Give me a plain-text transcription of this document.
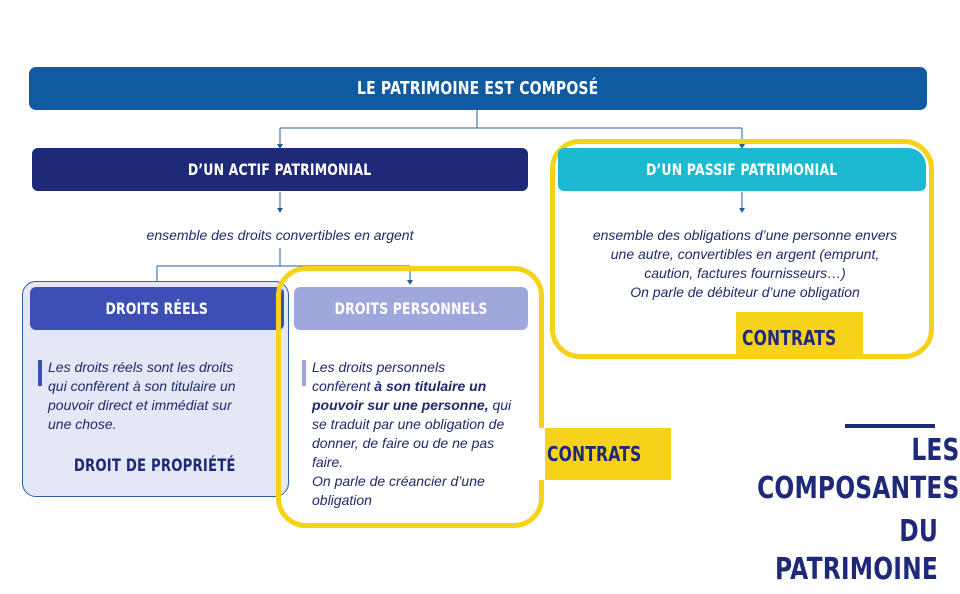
LE PATRIMOINE EST COMPOSÉ
D’UN ACTIF PATRIMONIAL
ensemble des droits convertibles en argent
D’UN PASSIF PATRIMONIAL
ensemble des obligations d’une personne envers
une autre, convertibles en argent (emprunt,
caution, factures fournisseurs…)
On parle de débiteur d’une obligation
CONTRATS
DROITS RÉELS
Les droits réels sont les droits
qui confèrent à son titulaire un
pouvoir direct et immédiat sur
une chose.
DROIT DE PROPRIÉTÉ
DROITS PERSONNELS
Les droits personnels
confèrent à son titulaire un
pouvoir sur une personne, qui
se traduit par une obligation de
donner, de faire ou de ne pas
faire.
On parle de créancier d’une
obligation
CONTRATS	LES COMPOSANTES
DU PATRIMOINE
